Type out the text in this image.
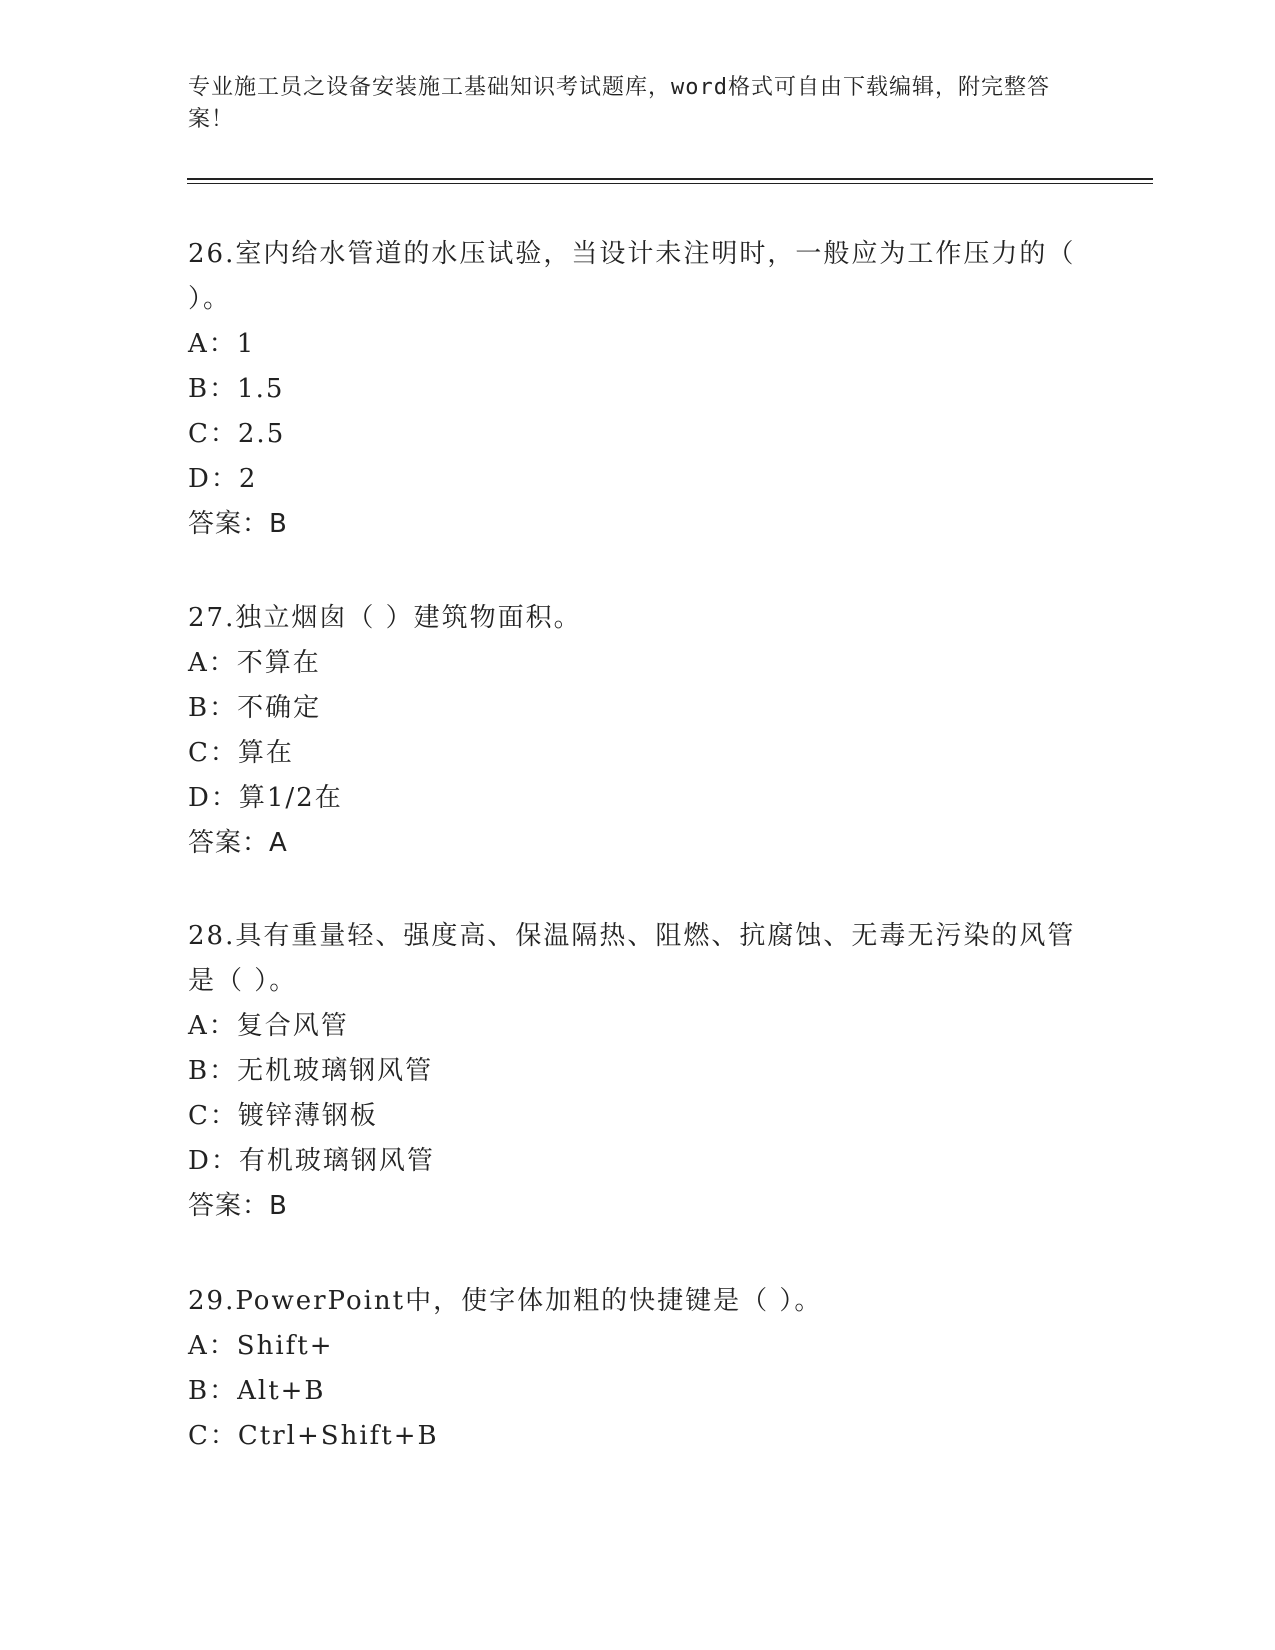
专业施工员之设备安装施工基础知识考试题库，word格式可自由下载编辑，附完整答案！

26.室内给水管道的水压试验，当设计未注明时，一般应为工作压力的（ ）。

A：1

B：1.5

C：2.5

D：2

答案：B

27.独立烟囱（ ）建筑物面积。

A：不算在

B：不确定

C：算在

D：算1/2在

答案：A

28.具有重量轻、强度高、保温隔热、阻燃、抗腐蚀、无毒无污染的风管是（ ）。

A：复合风管

B：无机玻璃钢风管

C：镀锌薄钢板

D：有机玻璃钢风管

答案：B

29.PowerPoint中，使字体加粗的快捷键是（ ）。

A：Shift+

B：Alt+B

C：Ctrl+Shift+B
